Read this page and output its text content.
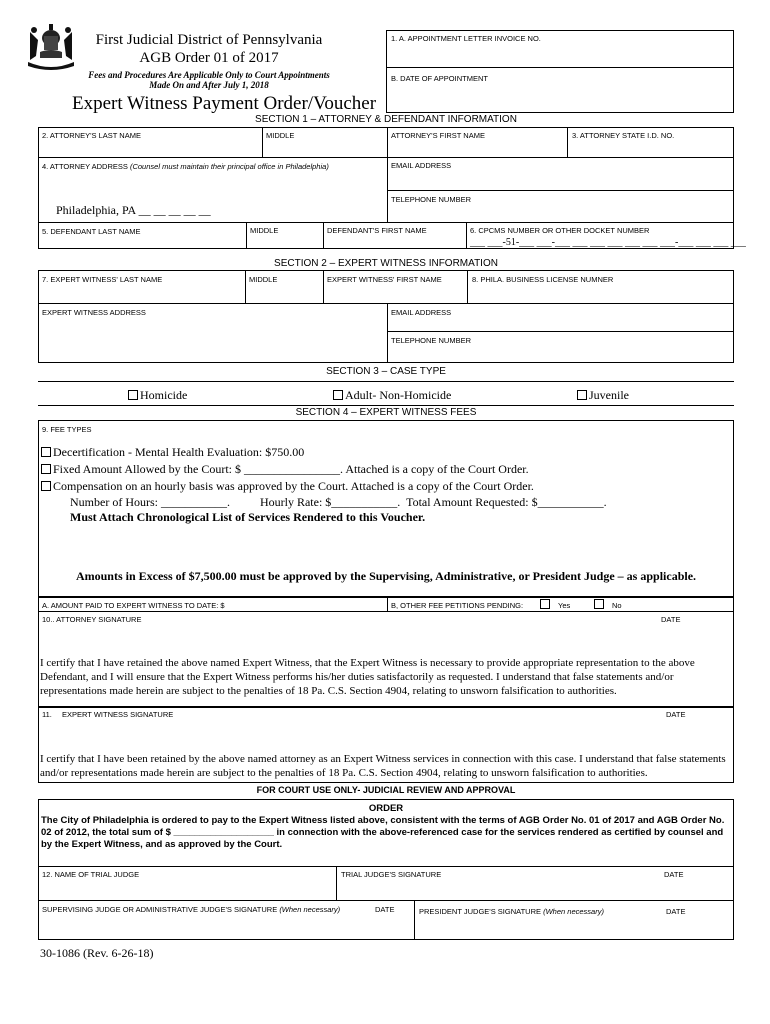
First Judicial District of Pennsylvania
AGB Order 01 of 2017
Fees and Procedures Are Applicable Only to Court Appointments
Made On and After July 1, 2018
Expert Witness Payment Order/Voucher
1. A. APPOINTMENT LETTER INVOICE NO.
B. DATE OF APPOINTMENT
SECTION 1 – ATTORNEY & DEFENDANT INFORMATION
2. ATTORNEY'S LAST NAME	MIDDLE	ATTORNEY'S FIRST NAME	3. ATTORNEY STATE I.D. NO.
4. ATTORNEY ADDRESS (Counsel must maintain their principal office in Philadelphia)	EMAIL ADDRESS
TELEPHONE NUMBER
Philadelphia, PA __ __ __ __ __
5. DEFENDANT LAST NAME	MIDDLE	DEFENDANT'S FIRST NAME	6. CPCMS NUMBER OR OTHER DOCKET NUMBER
___ ___-51-___ ___-___ ___ ___ ___ ___ ___ ___-___ ___ ___ ___
SECTION 2 – EXPERT WITNESS INFORMATION
7. EXPERT WITNESS' LAST NAME	MIDDLE	EXPERT WITNESS' FIRST NAME	8. PHILA. BUSINESS LICENSE NUMNER
EXPERT WITNESS ADDRESS	EMAIL ADDRESS
TELEPHONE NUMBER
SECTION 3 – CASE TYPE
Homicide	Adult- Non-Homicide	Juvenile
SECTION 4 – EXPERT WITNESS FEES
9. FEE TYPES
Decertification - Mental Health Evaluation: $750.00
Fixed Amount Allowed by the Court: $ ________________. Attached is a copy of the Court Order.
Compensation on an hourly basis was approved by the Court. Attached is a copy of the Court Order.
Number of Hours: ___________.          Hourly Rate: $___________.  Total Amount Requested: $___________.
Must Attach Chronological List of Services Rendered to this Voucher.
Amounts in Excess of $7,500.00 must be approved by the Supervising, Administrative, or President Judge – as applicable.
A. AMOUNT PAID TO EXPERT WITNESS TO DATE: $	B, OTHER FEE PETITIONS PENDING:	Yes	No
10.. ATTORNEY SIGNATURE	DATE
I certify that I have retained the above named Expert Witness, that the Expert Witness is necessary to provide appropriate representation to the above Defendant, and I will ensure that the Expert Witness performs his/her duties satisfactorily as requested. I understand that false statements and/or representations made herein are subject to the penalties of 18 Pa. C.S. Section 4904, relating to unsworn falsification to authorities.
11. EXPERT WITNESS SIGNATURE	DATE
I certify that I have been retained by the above named attorney as an Expert Witness services in connection with this case. I understand that false statements and/or representations made herein are subject to the penalties of 18 Pa. C.S. Section 4904, relating to unsworn falsification to authorities.
FOR COURT USE ONLY- JUDICIAL REVIEW AND APPROVAL
ORDER
The City of Philadelphia is ordered to pay to the Expert Witness listed above, consistent with the terms of AGB Order No. 01 of 2017 and AGB Order No. 02 of 2012, the total sum of $ ___________________ in connection with the above-referenced case for the services rendered as certified by counsel and by the Expert Witness, and as approved by the Court.
12. NAME OF TRIAL JUDGE	TRIAL JUDGE'S SIGNATURE	DATE
SUPERVISING JUDGE OR ADMINISTRATIVE JUDGE'S SIGNATURE (When necessary)	DATE	PRESIDENT JUDGE'S SIGNATURE (When necessary)	DATE
30-1086 (Rev. 6-26-18)
